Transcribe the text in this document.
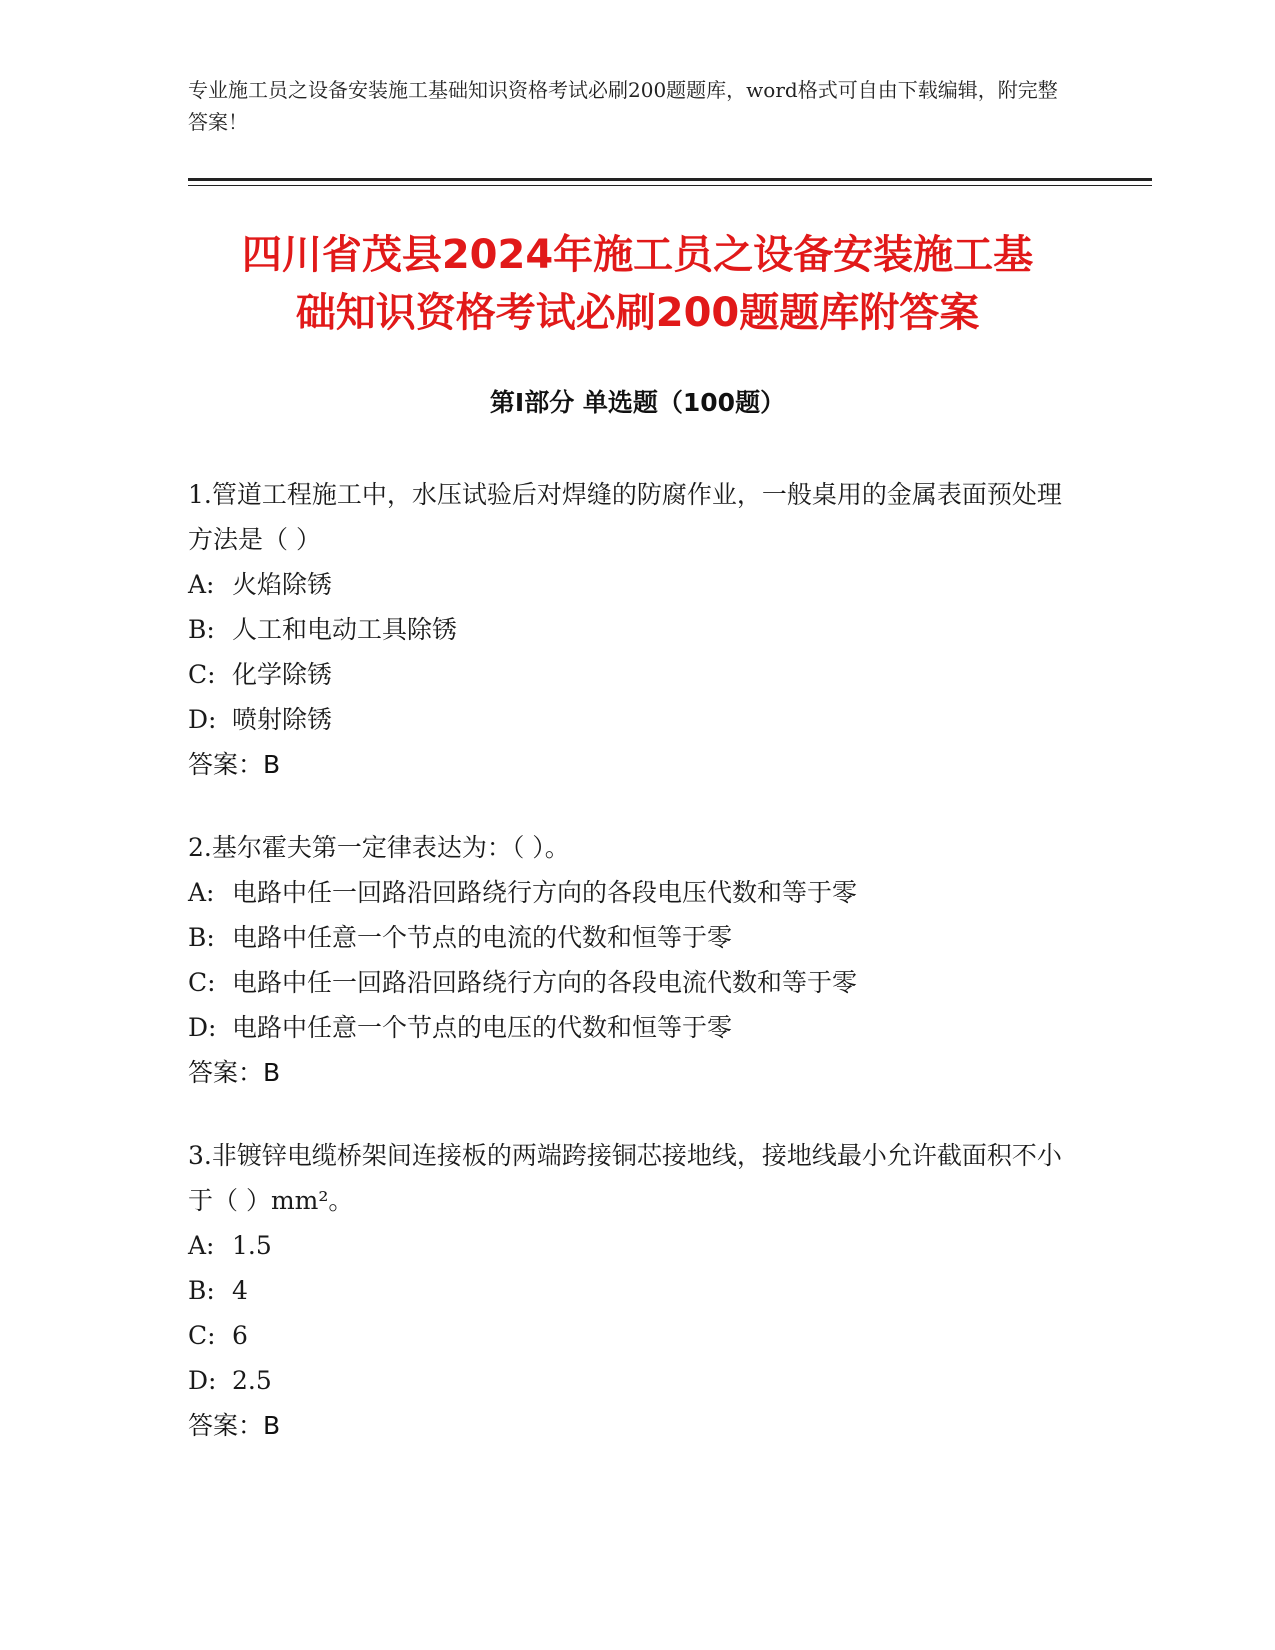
专业施工员之设备安装施工基础知识资格考试必刷200题题库，word格式可自由下载编辑，附完整答案！
四川省茂县2024年施工员之设备安装施工基
础知识资格考试必刷200题题库附答案
第Ⅰ部分 单选题（100题）
1.管道工程施工中，水压试验后对焊缝的防腐作业，一般桌用的金属表面预处理方法是（ ）
A: 火焰除锈
B: 人工和电动工具除锈
C: 化学除锈
D: 喷射除锈
答案：B
2.基尔霍夫第一定律表达为：（ ）。
A: 电路中任一回路沿回路绕行方向的各段电压代数和等于零
B: 电路中任意一个节点的电流的代数和恒等于零
C: 电路中任一回路沿回路绕行方向的各段电流代数和等于零
D: 电路中任意一个节点的电压的代数和恒等于零
答案：B
3.非镀锌电缆桥架间连接板的两端跨接铜芯接地线，接地线最小允许截面积不小于（ ）mm²。
A: 1.5
B: 4
C: 6
D: 2.5
答案：B
